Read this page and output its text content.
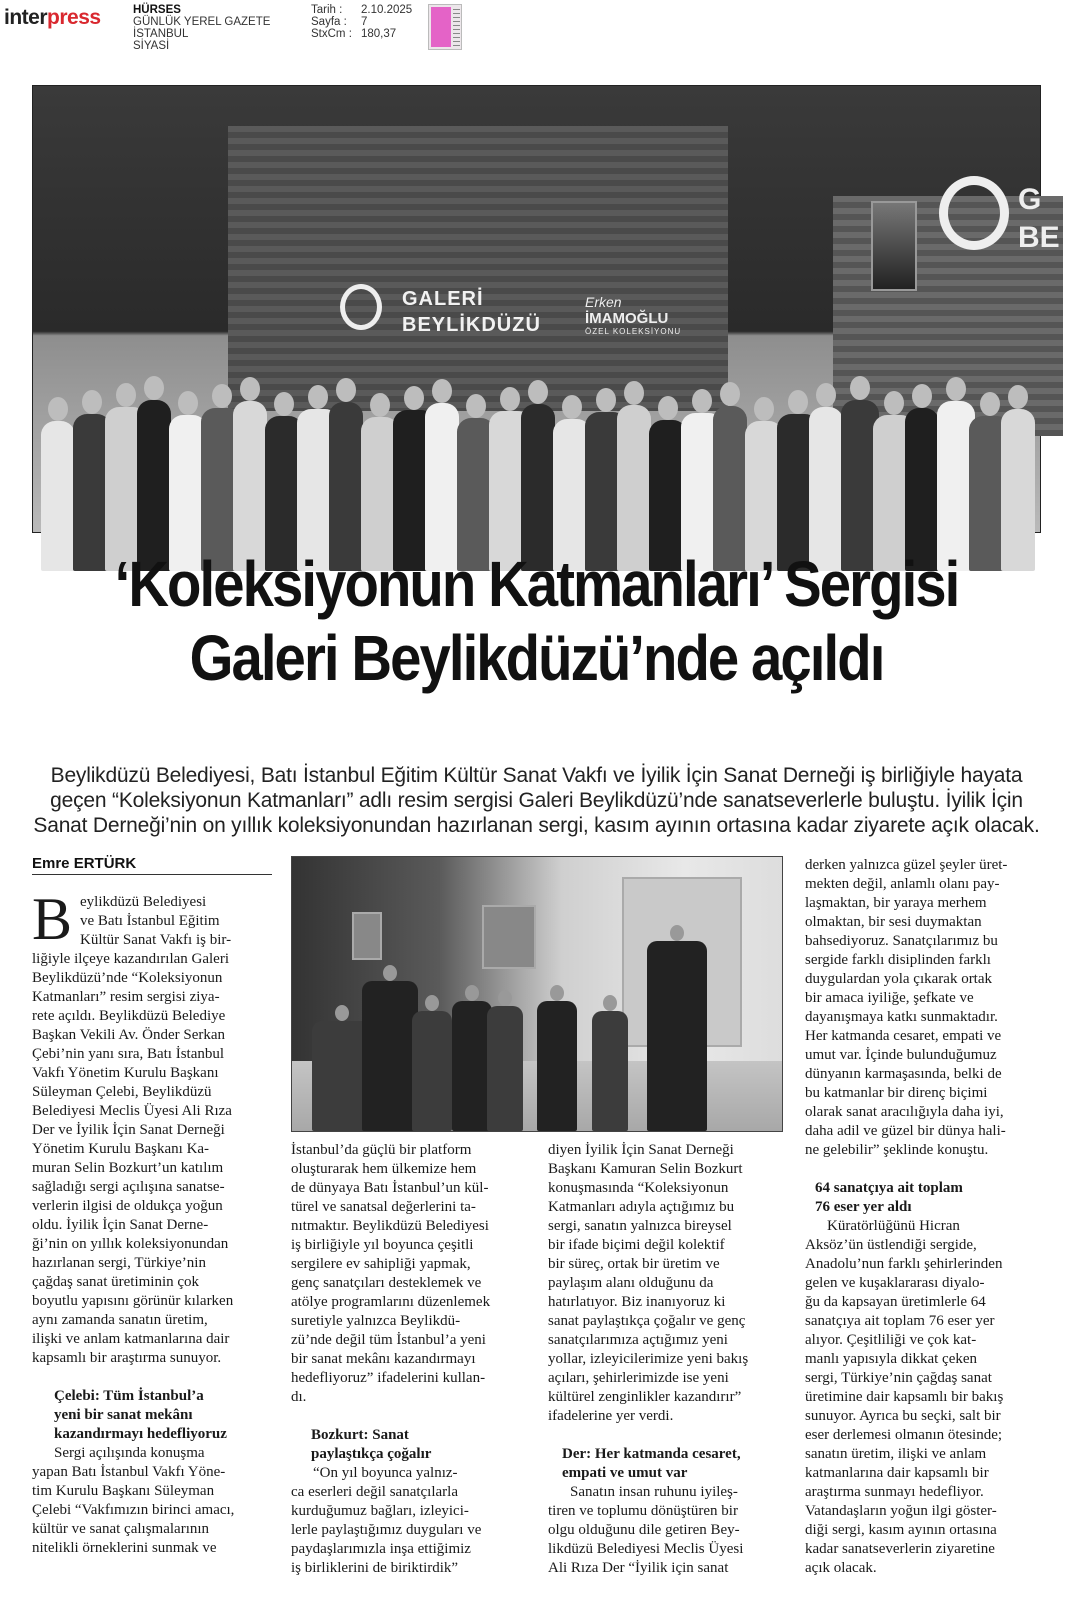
interpress	HÜRSES
GÜNLÜK YEREL GAZETE
İSTANBUL
SİYASİ
Tarih :	2.10.2025
Sayfa :	7
StxCm : 180,37
G
BE
GALERİ
BEYLİKDÜZÜ
Erken
İMAMOĞLU
ÖZEL KOLEKSİYONU
‘Koleksiyonun Katmanları’ Sergisi
Galeri Beylikdüzü’nde açıldı
Beylikdüzü Belediyesi, Batı İstanbul Eğitim Kültür Sanat Vakfı ve İyilik İçin Sanat Derneği iş birliğiyle hayata
geçen “Koleksiyonun Katmanları” adlı resim sergisi Galeri Beylikdüzü’nde sanatseverlerle buluştu. İyilik İçin
Sanat Derneği’nin on yıllık koleksiyonundan hazırlanan sergi, kasım ayının ortasına kadar ziyarete açık olacak.
Emre ERTÜRK
B eylikdüzü Belediyesi

ve Batı İstanbul Eğitim

Kültür Sanat Vakfı iş bir-

liğiyle ilçeye kazandırılan Galeri

Beylikdüzü’nde “Koleksiyonun

Katmanları” resim sergisi ziya-

rete açıldı. Beylikdüzü Belediye

Başkan Vekili Av. Önder Serkan

Çebi’nin yanı sıra, Batı İstanbul

Vakfı Yönetim Kurulu Başkanı

Süleyman Çelebi, Beylikdüzü

Belediyesi Meclis Üyesi Ali Rıza

Der ve İyilik İçin Sanat Derneği

Yönetim Kurulu Başkanı Ka-

muran Selin Bozkurt’un katılım

sağladığı sergi açılışına sanatse-

verlerin ilgisi de oldukça yoğun

oldu. İyilik İçin Sanat Derne-

ği’nin on yıllık koleksiyonundan

hazırlanan sergi, Türkiye’nin

çağdaş sanat üretiminin çok

boyutlu yapısını görünür kılarken

aynı zamanda sanatın üretim,

ilişki ve anlam katmanlarına dair

kapsamlı bir araştırma sunuyor.

Çelebi: Tüm İstanbul’a
yeni bir sanat mekânı
kazandırmayı hedefliyoruz

Sergi açılışında konuşma

yapan Batı İstanbul Vakfı Yöne-

tim Kurulu Başkanı Süleyman

Çelebi “Vakfımızın birinci amacı,

kültür ve sanat çalışmalarının

nitelikli örneklerini sunmak ve

İstanbul’da güçlü bir platform

oluşturarak hem ülkemize hem

de dünyaya Batı İstanbul’un kül-

türel ve sanatsal değerlerini ta-

nıtmaktır. Beylikdüzü Belediyesi

iş birliğiyle yıl boyunca çeşitli

sergilere ev sahipliği yapmak,

genç sanatçıları desteklemek ve

atölye programlarını düzenlemek

suretiyle yalnızca Beylikdü-

zü’nde değil tüm İstanbul’a yeni

bir sanat mekânı kazandırmayı

hedefliyoruz” ifadelerini kullan-

dı.

Bozkurt: Sanat
paylaştıkça çoğalır

“On yıl boyunca yalnız-

ca eserleri değil sanatçılarla

kurduğumuz bağları, izleyici-

lerle paylaştığımız duyguları ve

paydaşlarımızla inşa ettiğimiz

iş birliklerini de biriktirdik”

diyen İyilik İçin Sanat Derneği

Başkanı Kamuran Selin Bozkurt

konuşmasında “Koleksiyonun

Katmanları adıyla açtığımız bu

sergi, sanatın yalnızca bireysel

bir ifade biçimi değil kolektif

bir süreç, ortak bir üretim ve

paylaşım alanı olduğunu da

hatırlatıyor. Biz inanıyoruz ki

sanat paylaştıkça çoğalır ve genç

sanatçılarımıza açtığımız yeni

yollar, izleyicilerimize yeni bakış

açıları, şehirlerimizde ise yeni

kültürel zenginlikler kazandırır”

ifadelerine yer verdi.

Der: Her katmanda cesaret,
empati ve umut var

Sanatın insan ruhunu iyileş-

tiren ve toplumu dönüştüren bir

olgu olduğunu dile getiren Bey-

likdüzü Belediyesi Meclis Üyesi

Ali Rıza Der “İyilik için sanat

derken yalnızca güzel şeyler üret-

mekten değil, anlamlı olanı pay-

laşmaktan, bir yaraya merhem

olmaktan, bir sesi duymaktan

bahsediyoruz. Sanatçılarımız bu

sergide farklı disiplinden farklı

duygulardan yola çıkarak ortak

bir amaca iyiliğe, şefkate ve

dayanışmaya katkı sunmaktadır.

Her katmanda cesaret, empati ve

umut var. İçinde bulunduğumuz

dünyanın karmaşasında, belki de

bu katmanlar bir direnç biçimi

olarak sanat aracılığıyla daha iyi,

daha adil ve güzel bir dünya hali-

ne gelebilir” şeklinde konuştu.

64 sanatçıya ait toplam
76 eser yer aldı

Küratörlüğünü Hicran

Aksöz’ün üstlendiği sergide,

Anadolu’nun farklı şehirlerinden

gelen ve kuşaklararası diyalo-

ğu da kapsayan üretimlerle 64

sanatçıya ait toplam 76 eser yer

alıyor. Çeşitliliği ve çok kat-

manlı yapısıyla dikkat çeken

sergi, Türkiye’nin çağdaş sanat

üretimine dair kapsamlı bir bakış

sunuyor. Ayrıca bu seçki, salt bir

eser derlemesi olmanın ötesinde;

sanatın üretim, ilişki ve anlam

katmanlarına dair kapsamlı bir

araştırma sunmayı hedefliyor.

Vatandaşların yoğun ilgi göster-

diği sergi, kasım ayının ortasına

kadar sanatseverlerin ziyaretine

açık olacak.
